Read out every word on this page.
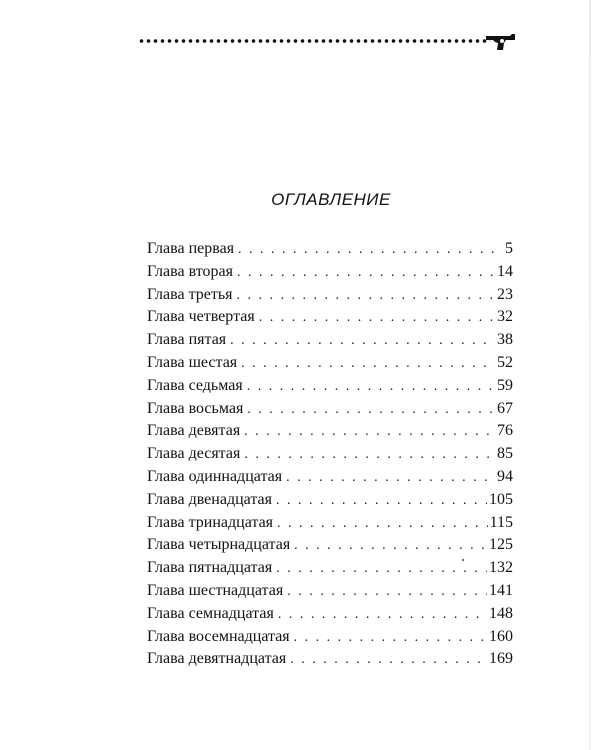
ОГЛАВЛЕНИЕ
Глава первая . . .	5
Глава вторая . . .	14
Глава третья . . .	23
Глава четвертая . . .	32
Глава пятая . . .	38
Глава шестая . . .	52
Глава седьмая . . .	59
Глава восьмая . . .	67
Глава девятая . . .	76
Глава десятая . . .	85
Глава одиннадцатая . . .	94
Глава двенадцатая . . .	105
Глава тринадцатая . . .	115
Глава четырнадцатая . . .	125
Глава пятнадцатая . . .	132
Глава шестнадцатая . . .	141
Глава семнадцатая . . .	148
Глава восемнадцатая . . .	160
Глава девятнадцатая . . .	169
